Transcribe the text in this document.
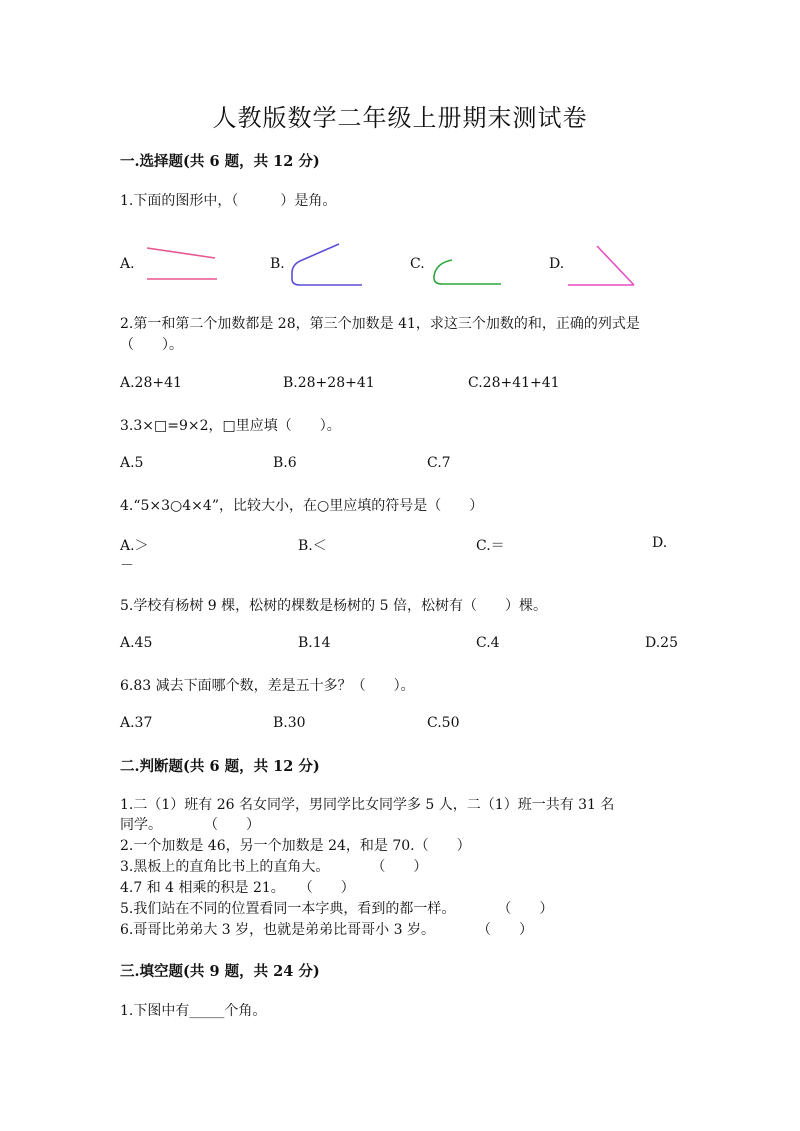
人教版数学二年级上册期末测试卷
一.选择题(共 6 题，共 12 分)
1.下面的图形中，（　　　）是角。
A.	B.	C.	D.
2.第一和第二个加数都是 28，第三个加数是 41，求这三个加数的和，正确的列式是（　　）。
A.28+41	B.28+28+41	C.28+41+41
3.3×□=9×2，□里应填（　　）。
A.5	B.6	C.7
4.“5×3○4×4”，比较大小，在○里应填的符号是（　　）
A.＞	B.＜	C.＝	D.
－
5.学校有杨树 9 棵，松树的棵数是杨树的 5 倍，松树有（　　）棵。
A.45	B.14	C.4	D.25
6.83 减去下面哪个数，差是五十多？（　　）。
A.37	B.30	C.50
二.判断题(共 6 题，共 12 分)
1.二（1）班有 26 名女同学，男同学比女同学多 5 人，二（1）班一共有 31 名
同学。　　　　（　　）
2.一个加数是 46，另一个加数是 24，和是 70.（　　）
3.黑板上的直角比书上的直角大。　　　　（　　）
4.7 和 4 相乘的积是 21。　　（　　）
5.我们站在不同的位置看同一本字典，看到的都一样。　　　　（　　）
6.哥哥比弟弟大 3 岁，也就是弟弟比哥哥小 3 岁。　　　　（　　）
三.填空题(共 9 题，共 24 分)
1.下图中有_____个角。
